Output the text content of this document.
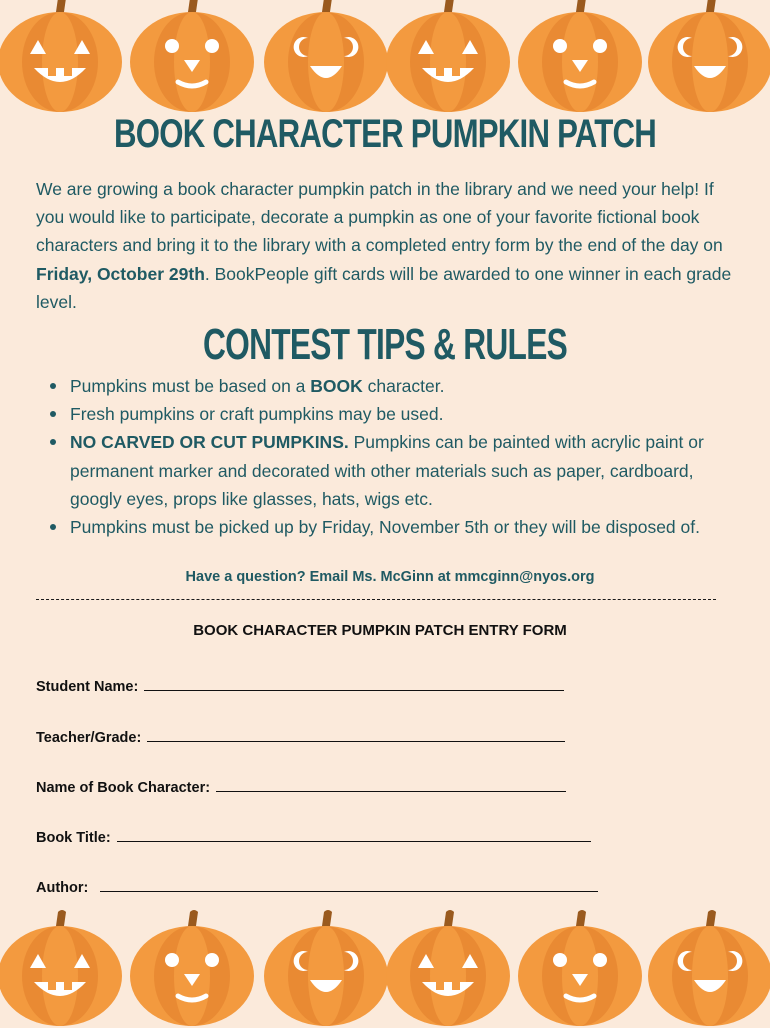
BOOK CHARACTER PUMPKIN PATCH
We are growing a book character pumpkin patch in the library and we need your help! If you would like to participate, decorate a pumpkin as one of your favorite fictional book characters and bring it to the library with a completed entry form by the end of the day on Friday, October 29th. BookPeople gift cards will be awarded to one winner in each grade level.
CONTEST TIPS & RULES
Pumpkins must be based on a BOOK character.
Fresh pumpkins or craft pumpkins may be used.
NO CARVED OR CUT PUMPKINS. Pumpkins can be painted with acrylic paint or permanent marker and decorated with other materials such as paper, cardboard, googly eyes, props like glasses, hats, wigs etc.
Pumpkins must be picked up by Friday, November 5th or they will be disposed of.
Have a question? Email Ms. McGinn at mmcginn@nyos.org
BOOK CHARACTER PUMPKIN PATCH ENTRY FORM
Student Name:
Teacher/Grade:
Name of Book Character:
Book Title:
Author:
